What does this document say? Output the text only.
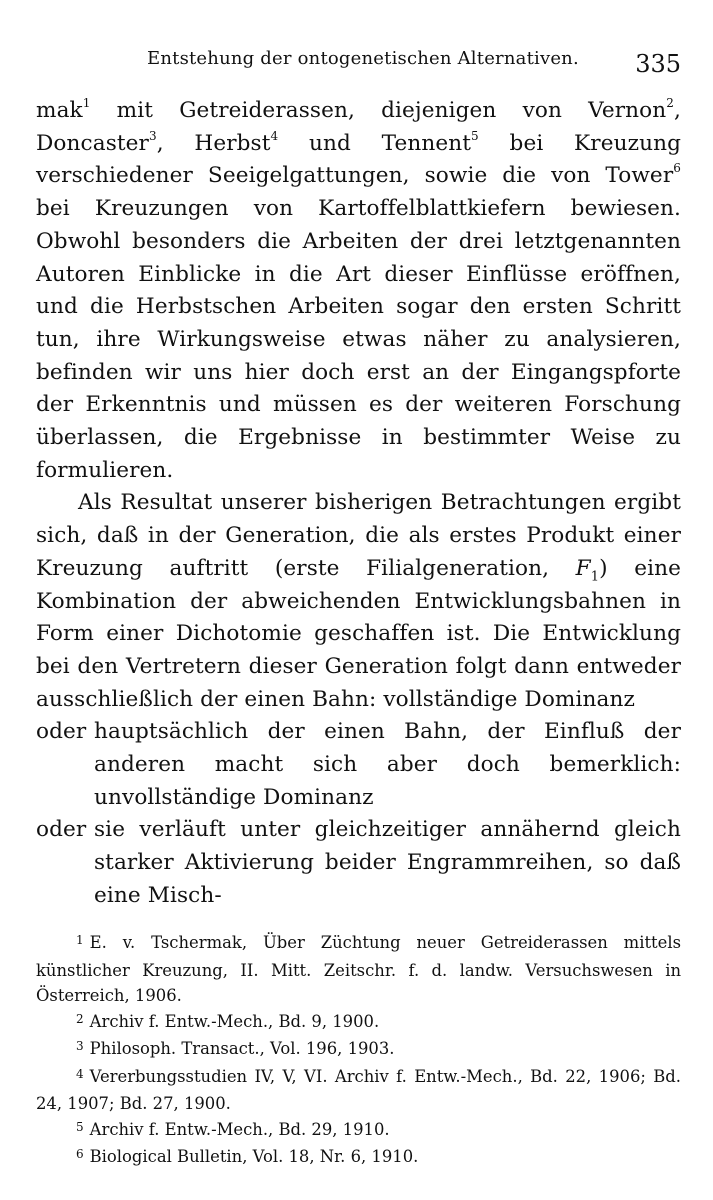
Entstehung der ontogenetischen Alternativen. 335

mak$^1$ mit Getreiderassen, diejenigen von Vernon$^2$, Doncaster$^3$, Herbst$^4$ und Tennent$^5$ bei Kreuzung verschiedener Seeigelgattungen, sowie die von Tower$^6$ bei Kreuzungen von Kartoffelblattkiefern bewiesen. Obwohl besonders die Arbeiten der drei letztgenannten Autoren Einblicke in die Art dieser Einflüsse eröffnen, und die Herbstschen Arbeiten sogar den ersten Schritt tun, ihre Wirkungsweise etwas näher zu analysieren, befinden wir uns hier doch erst an der Eingangspforte der Erkenntnis und müssen es der weiteren Forschung überlassen, die Ergebnisse in bestimmter Weise zu formulieren.

Als Resultat unserer bisherigen Betrachtungen ergibt sich, daß in der Generation, die als erstes Produkt einer Kreuzung auftritt (erste Filialgeneration, $F_1$) eine Kombination der abweichenden Entwicklungsbahnen in Form einer Dichotomie geschaffen ist. Die Entwicklung bei den Vertretern dieser Generation folgt dann entweder ausschließlich der einen Bahn: vollständige Dominanz

oder hauptsächlich der einen Bahn, der Einfluß der anderen macht sich aber doch bemerklich: unvollständige Dominanz
oder sie verläuft unter gleichzeitiger annähernd gleich starker Aktivierung beider Engrammreihen, so daß eine Misch-

$^1$ E. v. Tschermak, Über Züchtung neuer Getreiderassen mittels künstlicher Kreuzung, II. Mitt. Zeitschr. f. d. landw. Versuchswesen in Österreich, 1906.

$^2$ Archiv f. Entw.-Mech., Bd. 9, 1900.

$^3$ Philosoph. Transact., Vol. 196, 1903.

$^4$ Vererbungsstudien IV, V, VI. Archiv f. Entw.-Mech., Bd. 22, 1906; Bd. 24, 1907; Bd. 27, 1900.

$^5$ Archiv f. Entw.-Mech., Bd. 29, 1910.

$^6$ Biological Bulletin, Vol. 18, Nr. 6, 1910.
